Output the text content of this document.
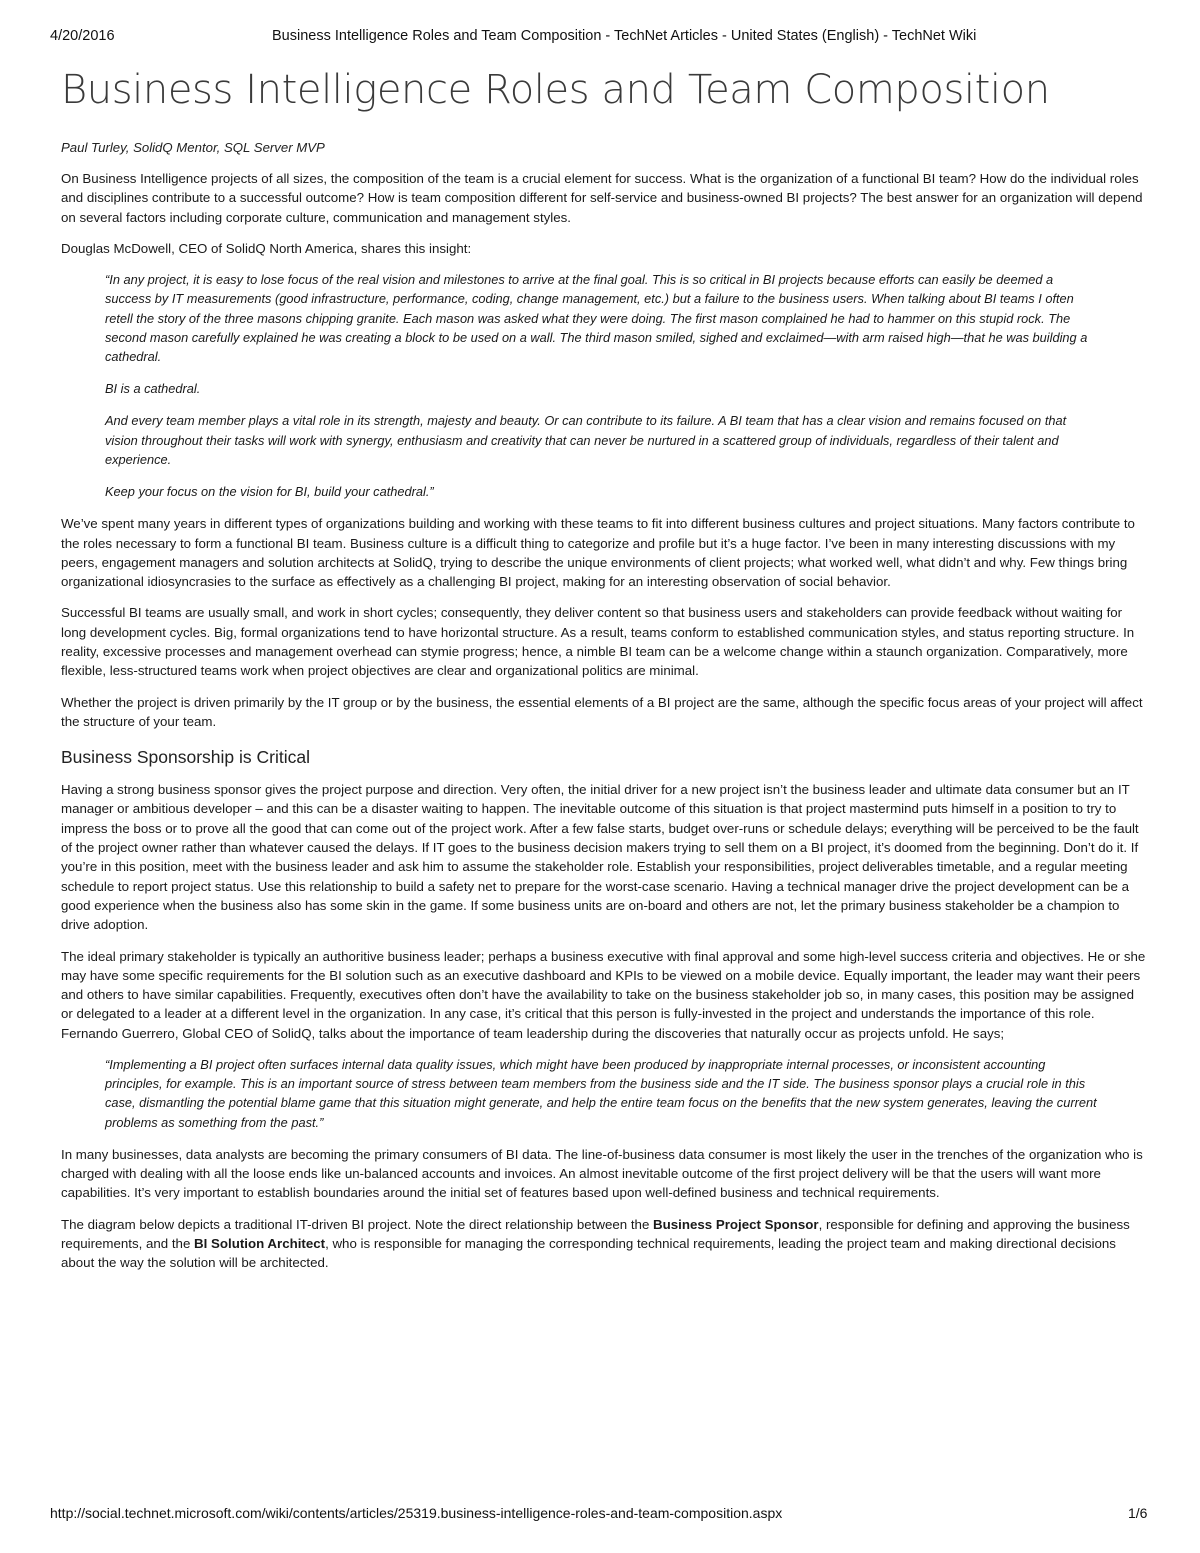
4/20/2016	Business Intelligence Roles and Team Composition - TechNet Articles - United States (English) - TechNet Wiki
Business Intelligence Roles and Team Composition
Paul Turley, SolidQ Mentor, SQL Server MVP

On Business Intelligence projects of all sizes, the composition of the team is a crucial element for success. What is the organization of a functional BI team? How do the individual roles and disciplines contribute to a successful outcome? How is team composition different for self-service and business-owned BI projects? The best answer for an organization will depend on several factors including corporate culture, communication and management styles.

Douglas McDowell, CEO of SolidQ North America, shares this insight:

“In any project, it is easy to lose focus of the real vision and milestones to arrive at the final goal. This is so critical in BI projects because efforts can easily be deemed a success by IT measurements (good infrastructure, performance, coding, change management, etc.) but a failure to the business users. When talking about BI teams I often retell the story of the three masons chipping granite. Each mason was asked what they were doing. The first mason complained he had to hammer on this stupid rock. The second mason carefully explained he was creating a block to be used on a wall. The third mason smiled, sighed and exclaimed—with arm raised high—that he was building a cathedral.

BI is a cathedral.

And every team member plays a vital role in its strength, majesty and beauty. Or can contribute to its failure. A BI team that has a clear vision and remains focused on that vision throughout their tasks will work with synergy, enthusiasm and creativity that can never be nurtured in a scattered group of individuals, regardless of their talent and experience.

Keep your focus on the vision for BI, build your cathedral.”

We’ve spent many years in different types of organizations building and working with these teams to fit into different business cultures and project situations. Many factors contribute to the roles necessary to form a functional BI team. Business culture is a difficult thing to categorize and profile but it’s a huge factor. I’ve been in many interesting discussions with my peers, engagement managers and solution architects at SolidQ, trying to describe the unique environments of client projects; what worked well, what didn’t and why. Few things bring organizational idiosyncrasies to the surface as effectively as a challenging BI project, making for an interesting observation of social behavior.

Successful BI teams are usually small, and work in short cycles; consequently, they deliver content so that business users and stakeholders can provide feedback without waiting for long development cycles. Big, formal organizations tend to have horizontal structure. As a result, teams conform to established communication styles, and status reporting structure. In reality, excessive processes and management overhead can stymie progress; hence, a nimble BI team can be a welcome change within a staunch organization. Comparatively, more flexible, less-structured teams work when project objectives are clear and organizational politics are minimal.

Whether the project is driven primarily by the IT group or by the business, the essential elements of a BI project are the same, although the specific focus areas of your project will affect the structure of your team.

Business Sponsorship is Critical

Having a strong business sponsor gives the project purpose and direction. Very often, the initial driver for a new project isn’t the business leader and ultimate data consumer but an IT manager or ambitious developer – and this can be a disaster waiting to happen. The inevitable outcome of this situation is that project mastermind puts himself in a position to try to impress the boss or to prove all the good that can come out of the project work. After a few false starts, budget over-runs or schedule delays; everything will be perceived to be the fault of the project owner rather than whatever caused the delays. If IT goes to the business decision makers trying to sell them on a BI project, it’s doomed from the beginning. Don’t do it. If you’re in this position, meet with the business leader and ask him to assume the stakeholder role. Establish your responsibilities, project deliverables timetable, and a regular meeting schedule to report project status. Use this relationship to build a safety net to prepare for the worst-case scenario. Having a technical manager drive the project development can be a good experience when the business also has some skin in the game. If some business units are on-board and others are not, let the primary business stakeholder be a champion to drive adoption.

The ideal primary stakeholder is typically an authoritive business leader; perhaps a business executive with final approval and some high-level success criteria and objectives. He or she may have some specific requirements for the BI solution such as an executive dashboard and KPIs to be viewed on a mobile device. Equally important, the leader may want their peers and others to have similar capabilities. Frequently, executives often don’t have the availability to take on the business stakeholder job so, in many cases, this position may be assigned or delegated to a leader at a different level in the organization. In any case, it’s critical that this person is fully-invested in the project and understands the importance of this role. Fernando Guerrero, Global CEO of SolidQ, talks about the importance of team leadership during the discoveries that naturally occur as projects unfold. He says;

“Implementing a BI project often surfaces internal data quality issues, which might have been produced by inappropriate internal processes, or inconsistent accounting principles, for example. This is an important source of stress between team members from the business side and the IT side. The business sponsor plays a crucial role in this case, dismantling the potential blame game that this situation might generate, and help the entire team focus on the benefits that the new system generates, leaving the current problems as something from the past.”

In many businesses, data analysts are becoming the primary consumers of BI data. The line-of-business data consumer is most likely the user in the trenches of the organization who is charged with dealing with all the loose ends like un-balanced accounts and invoices. An almost inevitable outcome of the first project delivery will be that the users will want more capabilities. It’s very important to establish boundaries around the initial set of features based upon well-defined business and technical requirements.

The diagram below depicts a traditional IT-driven BI project. Note the direct relationship between the Business Project Sponsor, responsible for defining and approving the business requirements, and the BI Solution Architect, who is responsible for managing the corresponding technical requirements, leading the project team and making directional decisions about the way the solution will be architected.

http://social.technet.microsoft.com/wiki/contents/articles/25319.business-intelligence-roles-and-team-composition.aspx	1/6
